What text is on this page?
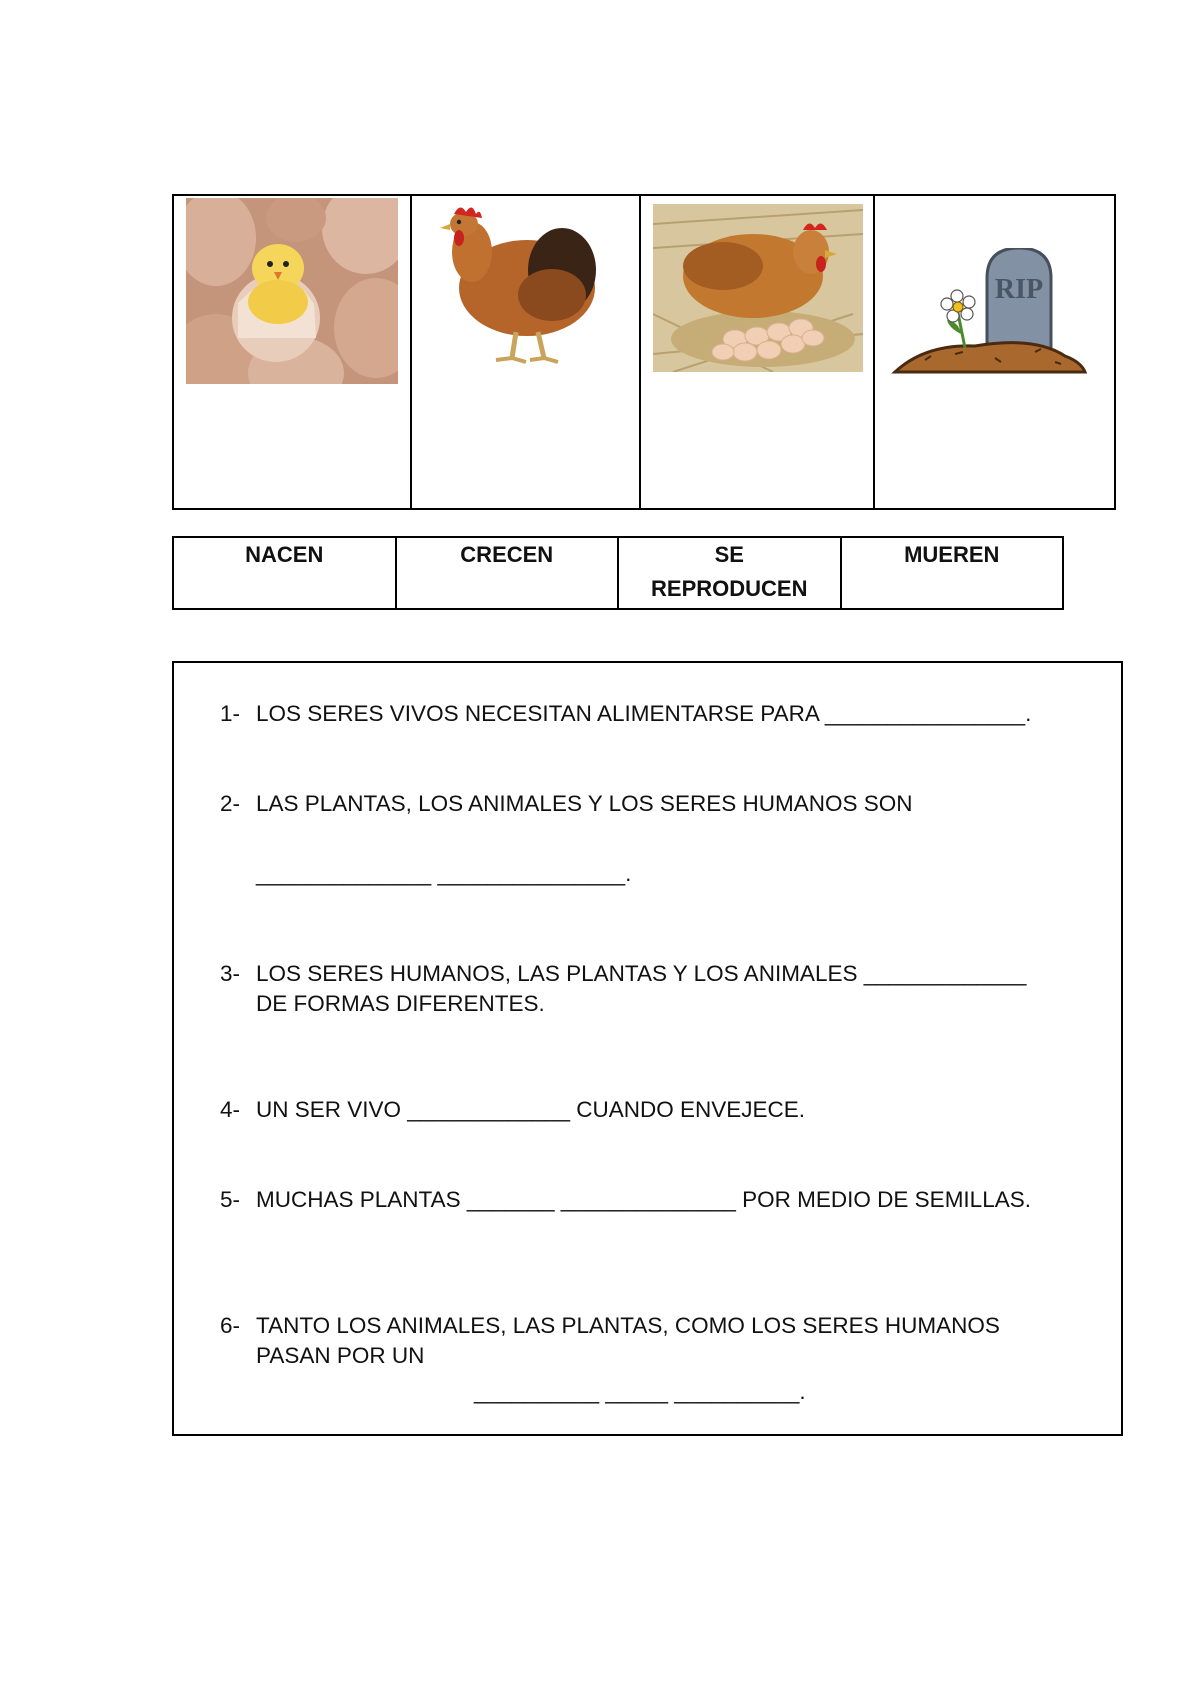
RIP
NACEN	CRECEN	SE
REPRODUCEN
MUEREN
1- LOS SERES VIVOS NECESITAN ALIMENTARSE PARA ________________.
2- LAS PLANTAS, LOS ANIMALES Y LOS SERES HUMANOS SON
______________ _______________.
3- LOS SERES HUMANOS, LAS PLANTAS Y LOS ANIMALES _____________
DE FORMAS DIFERENTES.
4- UN SER VIVO _____________ CUANDO ENVEJECE.
5- MUCHAS PLANTAS _______ ______________ POR MEDIO DE SEMILLAS.
6- TANTO LOS ANIMALES, LAS PLANTAS, COMO LOS SERES HUMANOS
PASAN POR UN
__________ _____ __________.
